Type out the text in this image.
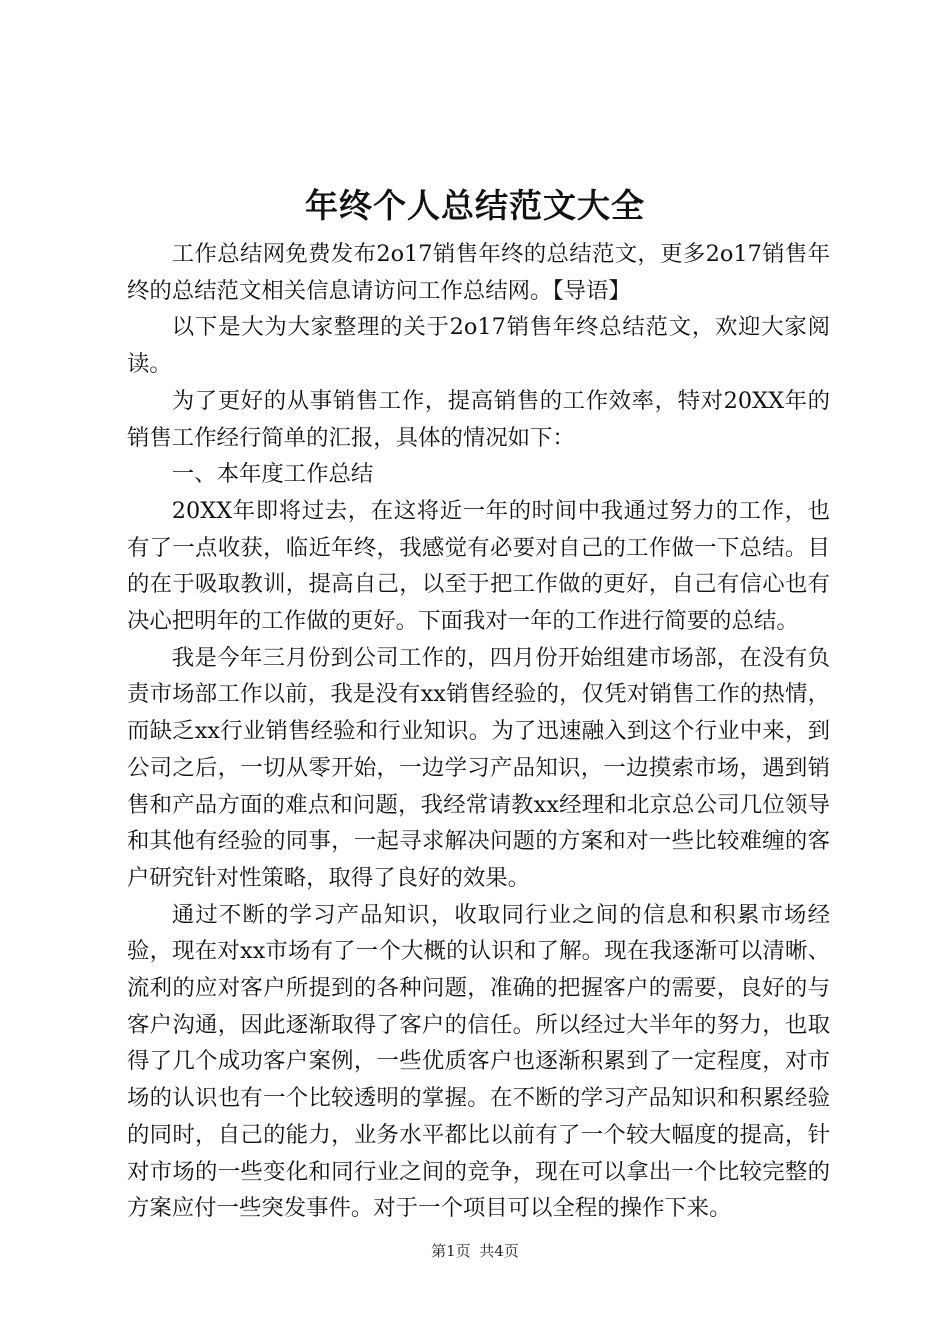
年终个人总结范文大全

工作总结网免费发布2o17销售年终的总结范文，更多2o17销售年终的总结范文相关信息请访问工作总结网。【导语】

以下是大为大家整理的关于2o17销售年终总结范文，欢迎大家阅读。

为了更好的从事销售工作，提高销售的工作效率，特对20XX年的销售工作经行简单的汇报，具体的情况如下：

一、本年度工作总结

20XX年即将过去，在这将近一年的时间中我通过努力的工作，也有了一点收获，临近年终，我感觉有必要对自己的工作做一下总结。目的在于吸取教训，提高自己，以至于把工作做的更好，自己有信心也有决心把明年的工作做的更好。下面我对一年的工作进行简要的总结。

我是今年三月份到公司工作的，四月份开始组建市场部，在没有负责市场部工作以前，我是没有xx销售经验的，仅凭对销售工作的热情，而缺乏xx行业销售经验和行业知识。为了迅速融入到这个行业中来，到公司之后，一切从零开始，一边学习产品知识，一边摸索市场，遇到销售和产品方面的难点和问题，我经常请教xx经理和北京总公司几位领导和其他有经验的同事，一起寻求解决问题的方案和对一些比较难缠的客户研究针对性策略，取得了良好的效果。

通过不断的学习产品知识，收取同行业之间的信息和积累市场经验，现在对xx市场有了一个大概的认识和了解。现在我逐渐可以清晰、流利的应对客户所提到的各种问题，准确的把握客户的需要，良好的与客户沟通，因此逐渐取得了客户的信任。所以经过大半年的努力，也取得了几个成功客户案例，一些优质客户也逐渐积累到了一定程度，对市场的认识也有一个比较透明的掌握。在不断的学习产品知识和积累经验的同时，自己的能力，业务水平都比以前有了一个较大幅度的提高，针对市场的一些变化和同行业之间的竞争，现在可以拿出一个比较完整的方案应付一些突发事件。对于一个项目可以全程的操作下来。

第1页 共4页
